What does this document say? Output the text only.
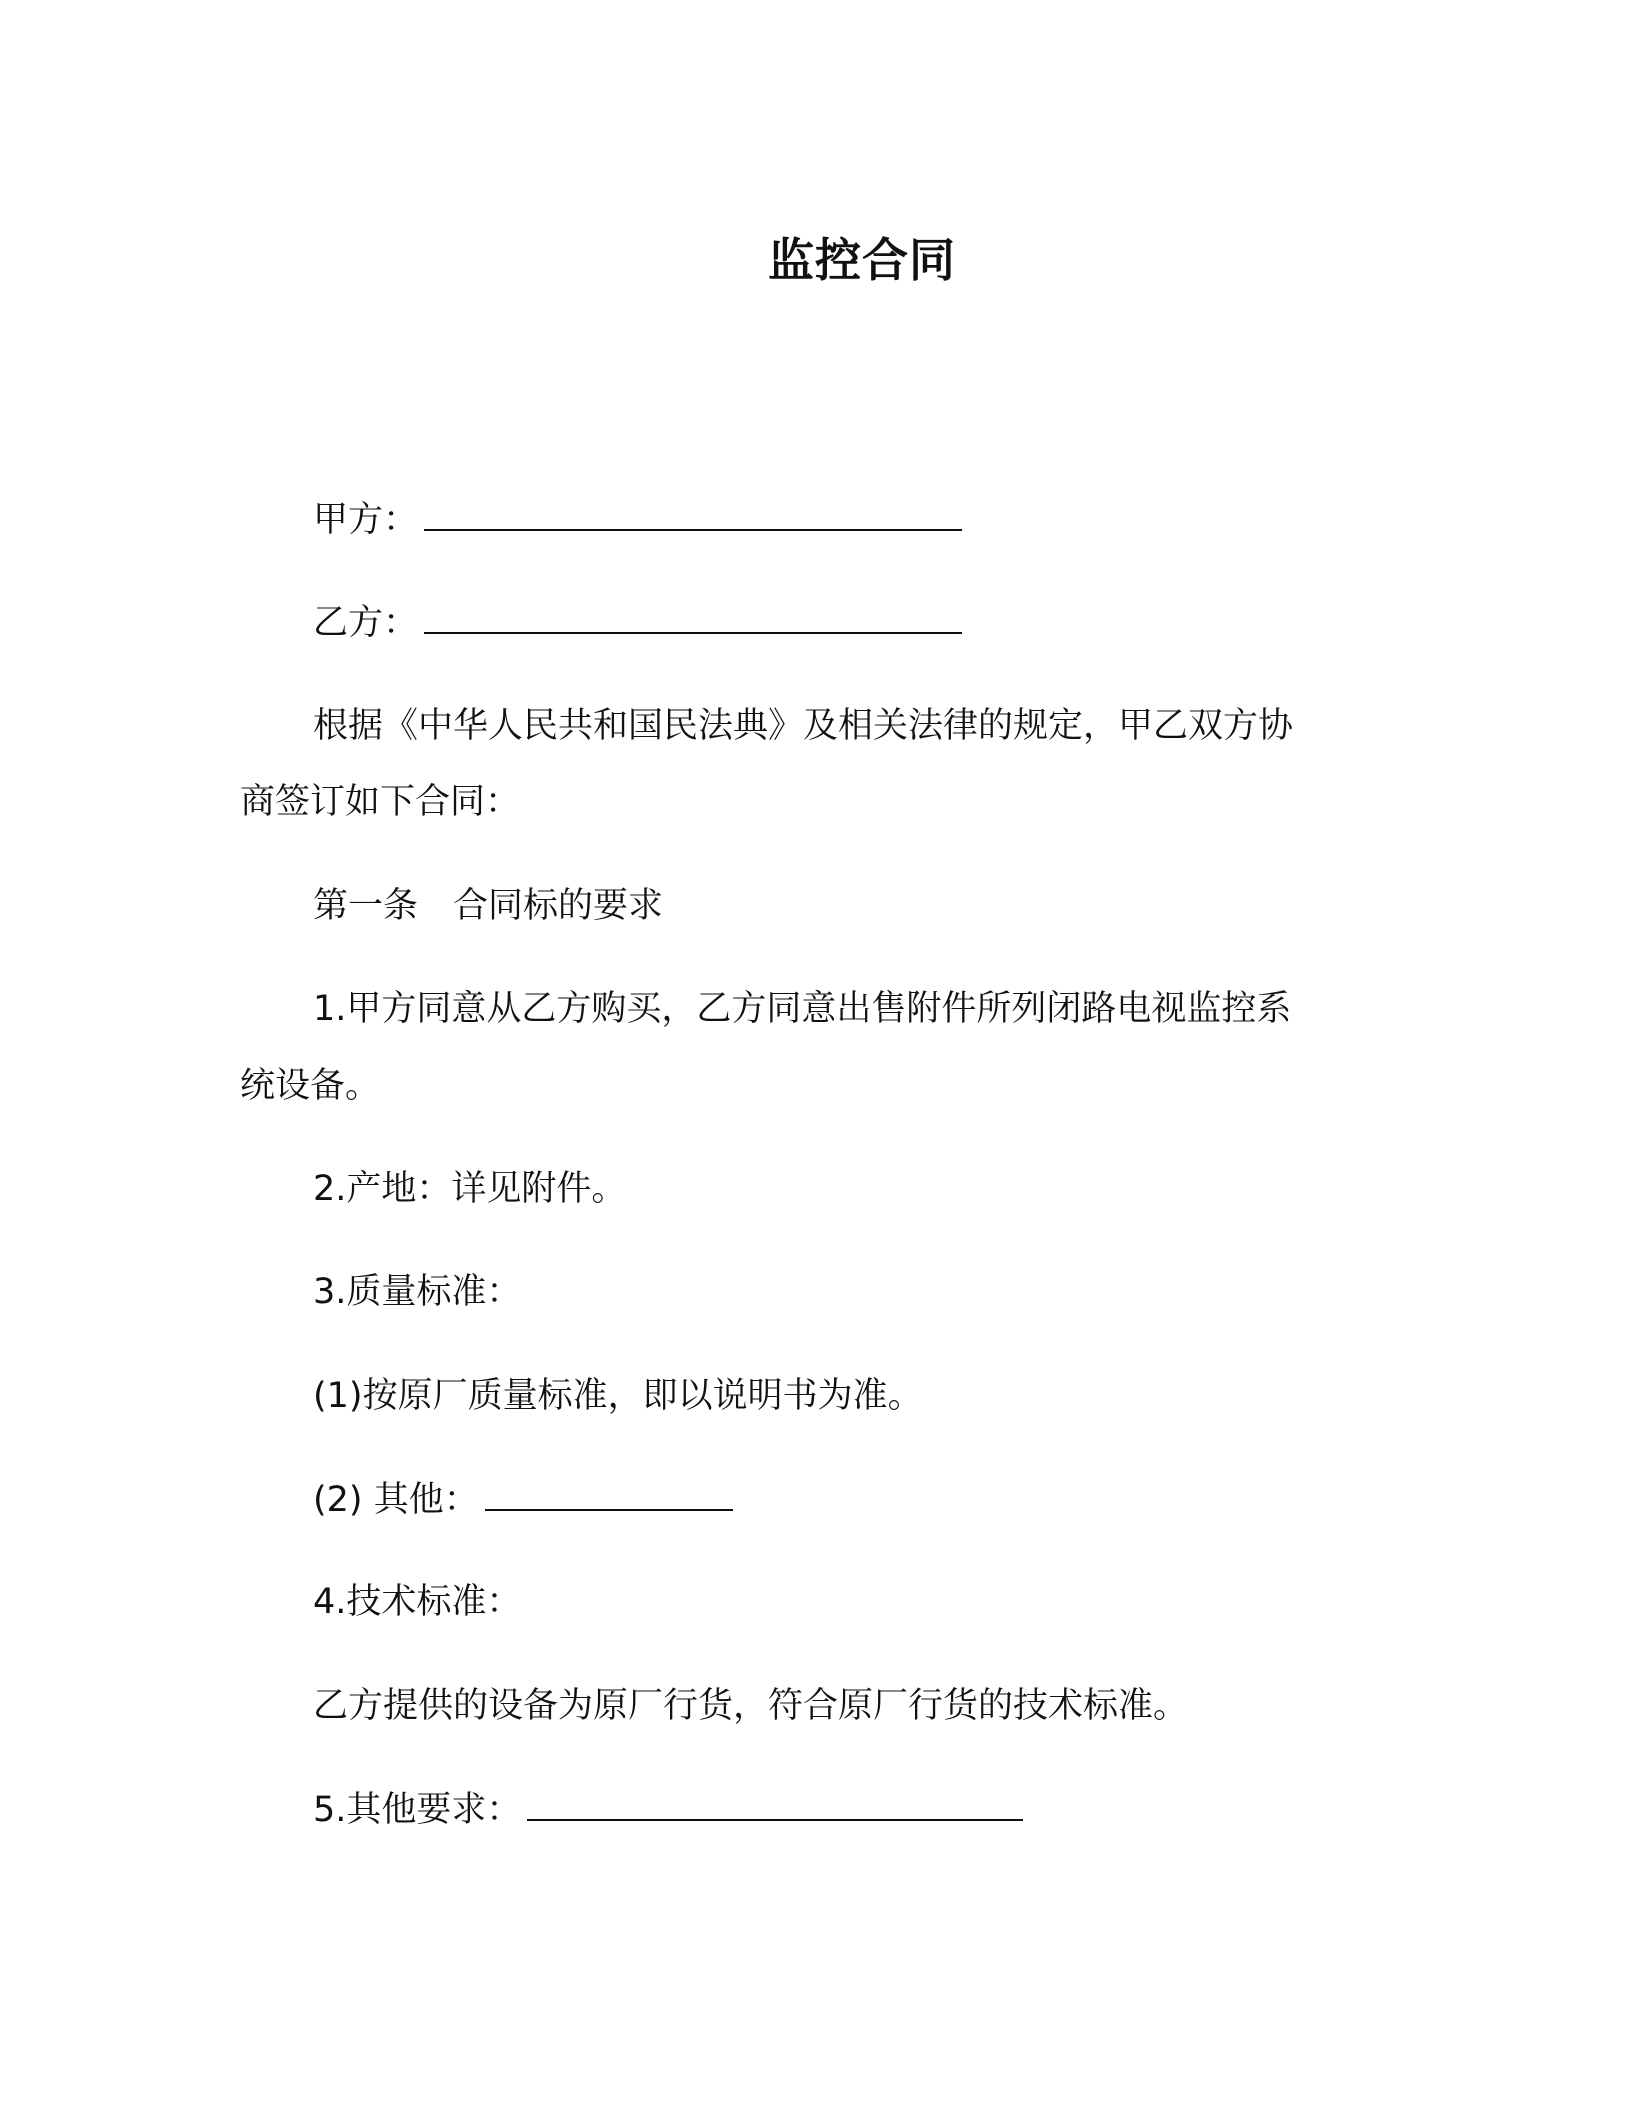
监控合同
甲方：
乙方：
根据《中华人民共和国民法典》及相关法律的规定，甲乙双方协
商签订如下合同：
第一条　合同标的要求
1.甲方同意从乙方购买，乙方同意出售附件所列闭路电视监控系
统设备。
2.产地：详见附件。
3.质量标准：
(1)按原厂质量标准，即以说明书为准。
(2) 其他：
4.技术标准：
乙方提供的设备为原厂行货，符合原厂行货的技术标准。
5.其他要求：
